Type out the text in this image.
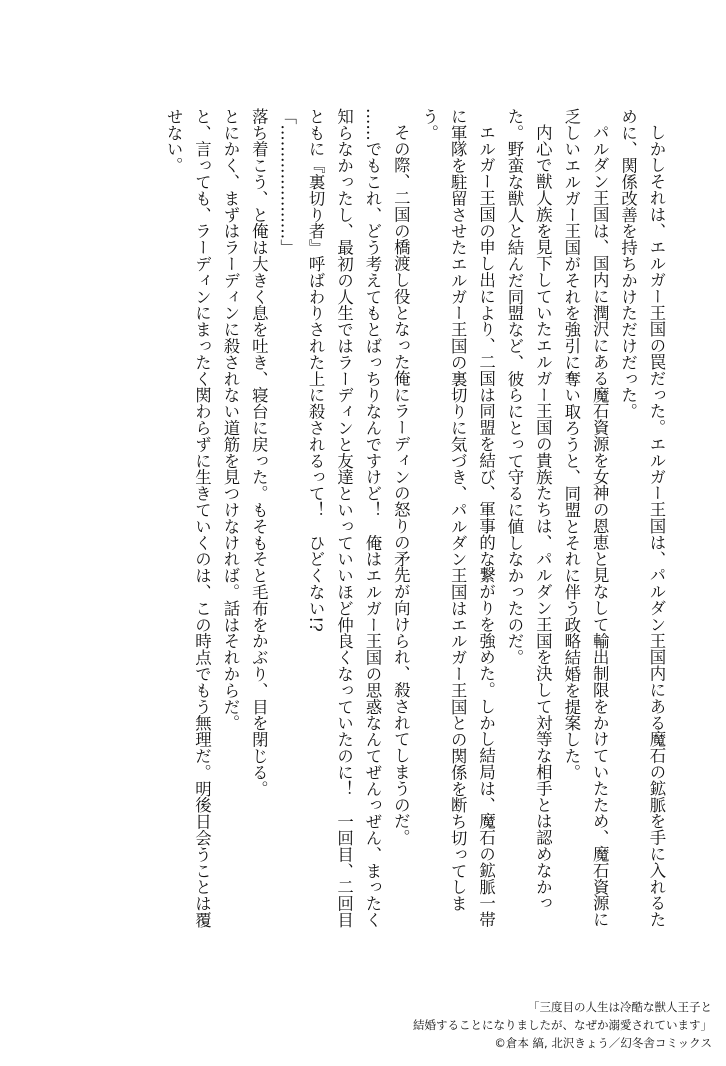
しかしそれは、エルガー王国の罠だった。エルガー王国は、パルダン王国内にある魔石の鉱脈を手に入れるために、関係改善を持ちかけただけだった。

パルダン王国は、国内に潤沢にある魔石資源を女神の恩恵と見なして輸出制限をかけていたため、魔石資源に乏しいエルガー王国がそれを強引に奪い取ろうと、同盟とそれに伴う政略結婚を提案した。

内心で獣人族を見下していたエルガー王国の貴族たちは、パルダン王国を決して対等な相手とは認めなかった。野蛮な獣人と結んだ同盟など、彼らにとって守るに値しなかったのだ。

エルガー王国の申し出により、二国は同盟を結び、軍事的な繋がりを強めた。しかし結局は、魔石の鉱脈一帯に軍隊を駐留させたエルガー王国の裏切りに気づき、パルダン王国はエルガー王国との関係を断ち切ってしまう。

その際、二国の橋渡し役となった俺にラーディンの怒りの矛先が向けられ、殺されてしまうのだ。

……でもこれ、どう考えてもとばっちりなんですけど！　俺はエルガー王国の思惑なんてぜんっぜん、まったく知らなかったし、最初の人生ではラーディンと友達といっていいほど仲良くなっていたのに！　一回目、二回目ともに『裏切り者』呼ばわりされた上に殺されるって！　ひどくない!?

「…………………」

落ち着こう、と俺は大きく息を吐き、寝台に戻った。もそもそと毛布をかぶり、目を閉じる。

とにかく、まずはラーディンに殺されない道筋を見つけなければ。話はそれからだ。

と、言っても、ラーディンにまったく関わらずに生きていくのは、この時点でもう無理だ。明後日会うことは覆せない。

「三度目の人生は冷酷な獣人王子と
結婚することになりましたが、なぜか溺愛されています」
©倉本 縞, 北沢きょう／幻冬舎コミックス
